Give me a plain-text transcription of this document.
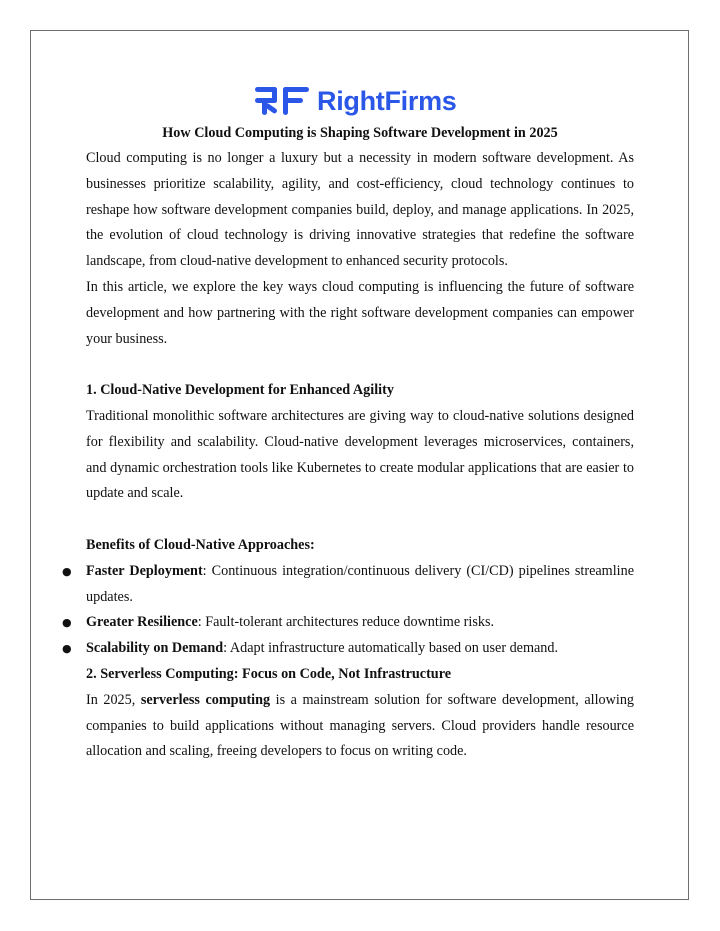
RightFirms
How Cloud Computing is Shaping Software Development in 2025

Cloud computing is no longer a luxury but a necessity in modern software development. As businesses prioritize scalability, agility, and cost-efficiency, cloud technology continues to reshape how software development companies build, deploy, and manage applications. In 2025, the evolution of cloud technology is driving innovative strategies that redefine the software landscape, from cloud-native development to enhanced security protocols.

In this article, we explore the key ways cloud computing is influencing the future of software development and how partnering with the right software development companies can empower your business.

1. Cloud-Native Development for Enhanced Agility

Traditional monolithic software architectures are giving way to cloud-native solutions designed for flexibility and scalability. Cloud-native development leverages microservices, containers, and dynamic orchestration tools like Kubernetes to create modular applications that are easier to update and scale.

Benefits of Cloud-Native Approaches:
● Faster Deployment: Continuous integration/continuous delivery (CI/CD) pipelines streamline updates.
● Greater Resilience: Fault-tolerant architectures reduce downtime risks.
● Scalability on Demand: Adapt infrastructure automatically based on user demand.
2. Serverless Computing: Focus on Code, Not Infrastructure

In 2025, serverless computing is a mainstream solution for software development, allowing companies to build applications without managing servers. Cloud providers handle resource allocation and scaling, freeing developers to focus on writing code.
